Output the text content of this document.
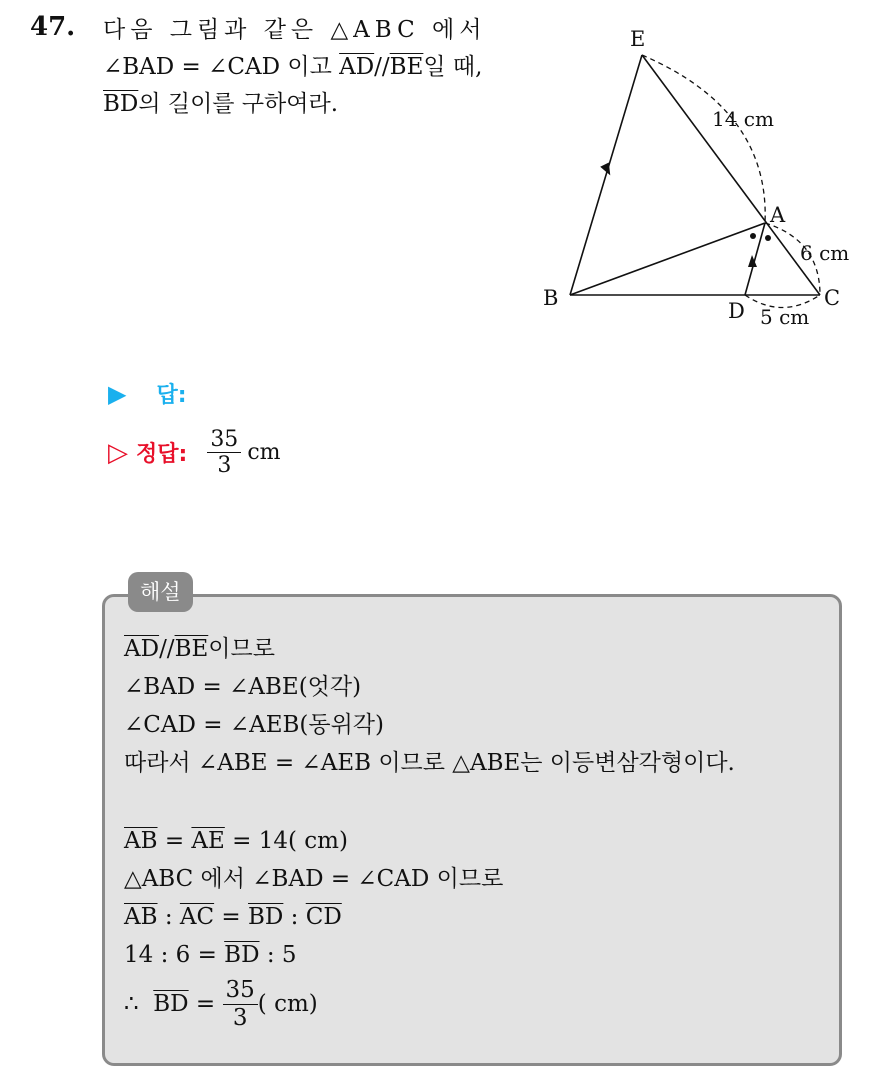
47. 다음 그림과 같은 △ABC 에서
∠BAD = ∠CAD 이고 $\overline{AD}//\overline{BE}$일 때,
$\overline{BD}$의 길이를 구하여라.
E
A
B	C
D
14 cm
6 cm
5 cm
▶ 답:
▷ 정답: $\frac{35}{3}$ cm
해설
$\overline{AD}//\overline{BE}$이므로
∠BAD = ∠ABE(엇각)
∠CAD = ∠AEB(동위각)
따라서 ∠ABE = ∠AEB 이므로 △ABE는 이등변삼각형이다.
$\overline{AB} = \overline{AE} = 14$( cm)
△ABC 에서 ∠BAD = ∠CAD 이므로
$\overline{AB}$ : $\overline{AC} = \overline{BD}$ : $\overline{CD}$
14 : $6 = \overline{BD}$ : 5
∴ $\overline{BD} = \frac{35}{3}$ ( cm)
